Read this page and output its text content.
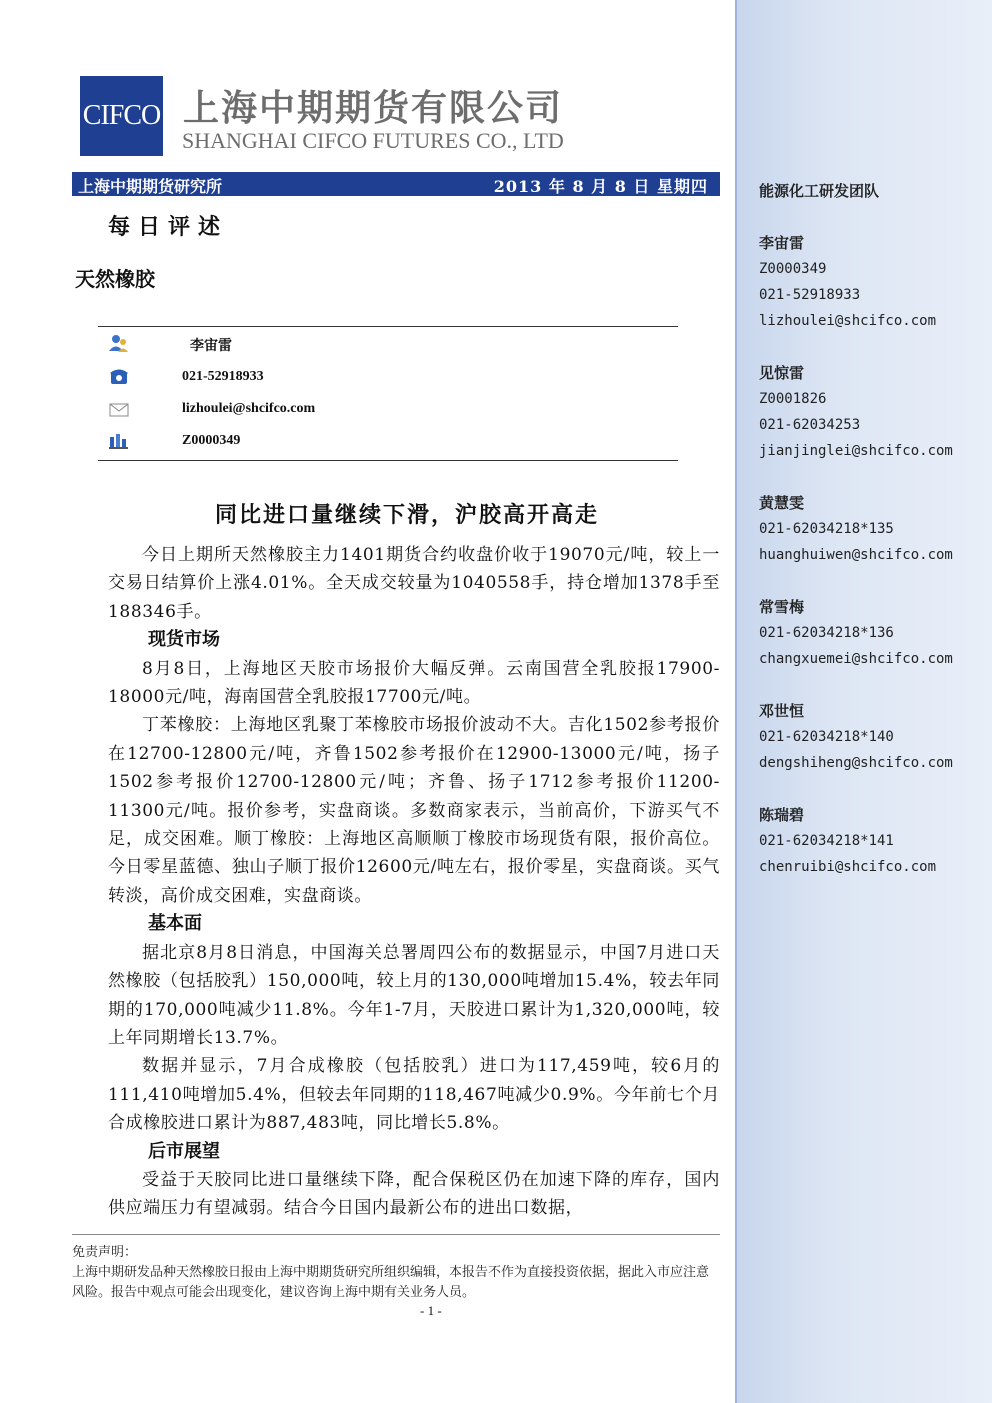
CIFCO 上海中期期货有限公司
SHANGHAI CIFCO FUTURES CO., LTD
上海中期期货研究所	2013 年 8 月 8 日 星期四
每日评述
天然橡胶
李宙雷
021-52918933
lizhoulei@shcifco.com
Z0000349
同比进口量继续下滑，沪胶高开高走

今日上期所天然橡胶主力1401期货合约收盘价收于19070元/吨，较上一交易日结算价上涨4.01%。全天成交较量为1040558手，持仓增加1378手至188346手。

现货市场

8月8日，上海地区天胶市场报价大幅反弹。云南国营全乳胶报17900-18000元/吨，海南国营全乳胶报17700元/吨。

丁苯橡胶：上海地区乳聚丁苯橡胶市场报价波动不大。吉化1502参考报价在12700-12800元/吨，齐鲁1502参考报价在12900-13000元/吨，扬子1502参考报价12700-12800元/吨；齐鲁、扬子1712参考报价11200-11300元/吨。报价参考，实盘商谈。多数商家表示，当前高价，下游买气不足，成交困难。顺丁橡胶：上海地区高顺顺丁橡胶市场现货有限，报价高位。今日零星蓝德、独山子顺丁报价12600元/吨左右，报价零星，实盘商谈。买气转淡，高价成交困难，实盘商谈。

基本面

据北京8月8日消息，中国海关总署周四公布的数据显示，中国7月进口天然橡胶（包括胶乳）150,000吨，较上月的130,000吨增加15.4%，较去年同期的170,000吨减少11.8%。今年1-7月，天胶进口累计为1,320,000吨，较上年同期增长13.7%。

数据并显示，7月合成橡胶（包括胶乳）进口为117,459吨，较6月的111,410吨增加5.4%，但较去年同期的118,467吨减少0.9%。今年前七个月合成橡胶进口累计为887,483吨，同比增长5.8%。

后市展望

受益于天胶同比进口量继续下降，配合保税区仍在加速下降的库存，国内供应端压力有望减弱。结合今日国内最新公布的进出口数据，

免责声明：
上海中期研发品种天然橡胶日报由上海中期期货研究所组织编辑，本报告不作为直接投资依据，据此入市应注意风险。报告中观点可能会出现变化，建议咨询上海中期有关业务人员。
- 1 -
能源化工研发团队
李宙雷
Z0000349
021-52918933
lizhoulei@shcifco.com
见惊雷
Z0001826
021-62034253
jianjinglei@shcifco.com
黄慧雯
021-62034218*135
huanghuiwen@shcifco.com
常雪梅
021-62034218*136
changxuemei@shcifco.com
邓世恒
021-62034218*140
dengshiheng@shcifco.com
陈瑞碧
021-62034218*141
chenruibi@shcifco.com
